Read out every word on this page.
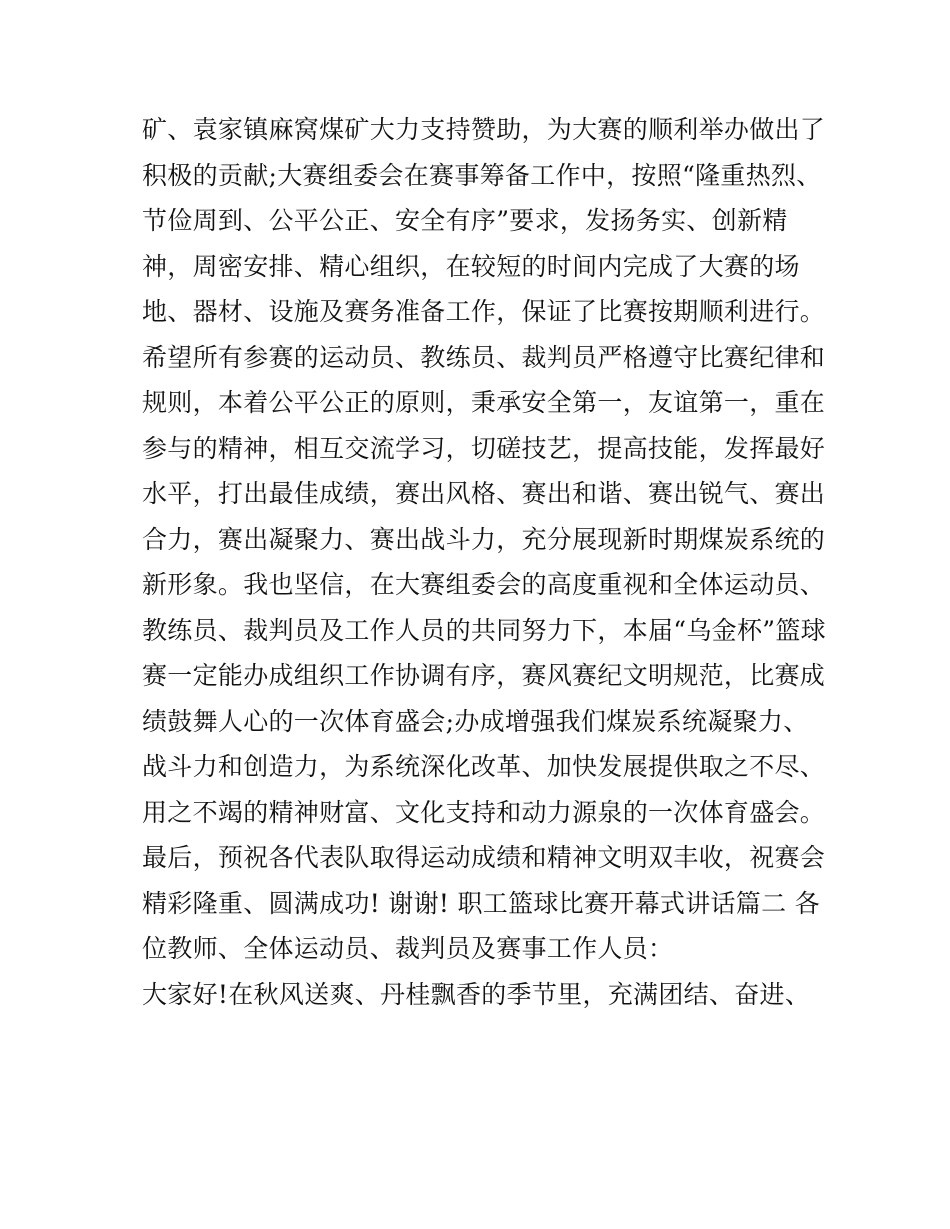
矿、袁家镇麻窝煤矿大力支持赞助，为大赛的顺利举办做出了
积极的贡献;大赛组委会在赛事筹备工作中，按照“隆重热烈、
节俭周到、公平公正、安全有序”要求，发扬务实、创新精
神，周密安排、精心组织，在较短的时间内完成了大赛的场
地、器材、设施及赛务准备工作，保证了比赛按期顺利进行。
希望所有参赛的运动员、教练员、裁判员严格遵守比赛纪律和
规则，本着公平公正的原则，秉承安全第一，友谊第一，重在
参与的精神，相互交流学习，切磋技艺，提高技能，发挥最好
水平，打出最佳成绩，赛出风格、赛出和谐、赛出锐气、赛出
合力，赛出凝聚力、赛出战斗力，充分展现新时期煤炭系统的
新形象。我也坚信，在大赛组委会的高度重视和全体运动员、
教练员、裁判员及工作人员的共同努力下，本届“乌金杯”篮球
赛一定能办成组织工作协调有序，赛风赛纪文明规范，比赛成
绩鼓舞人心的一次体育盛会;办成增强我们煤炭系统凝聚力、
战斗力和创造力，为系统深化改革、加快发展提供取之不尽、
用之不竭的精神财富、文化支持和动力源泉的一次体育盛会。
最后，预祝各代表队取得运动成绩和精神文明双丰收，祝赛会
精彩隆重、圆满成功! 谢谢! 职工篮球比赛开幕式讲话篇二 各
位教师、全体运动员、裁判员及赛事工作人员：
大家好!在秋风送爽、丹桂飘香的季节里，充满团结、奋进、
